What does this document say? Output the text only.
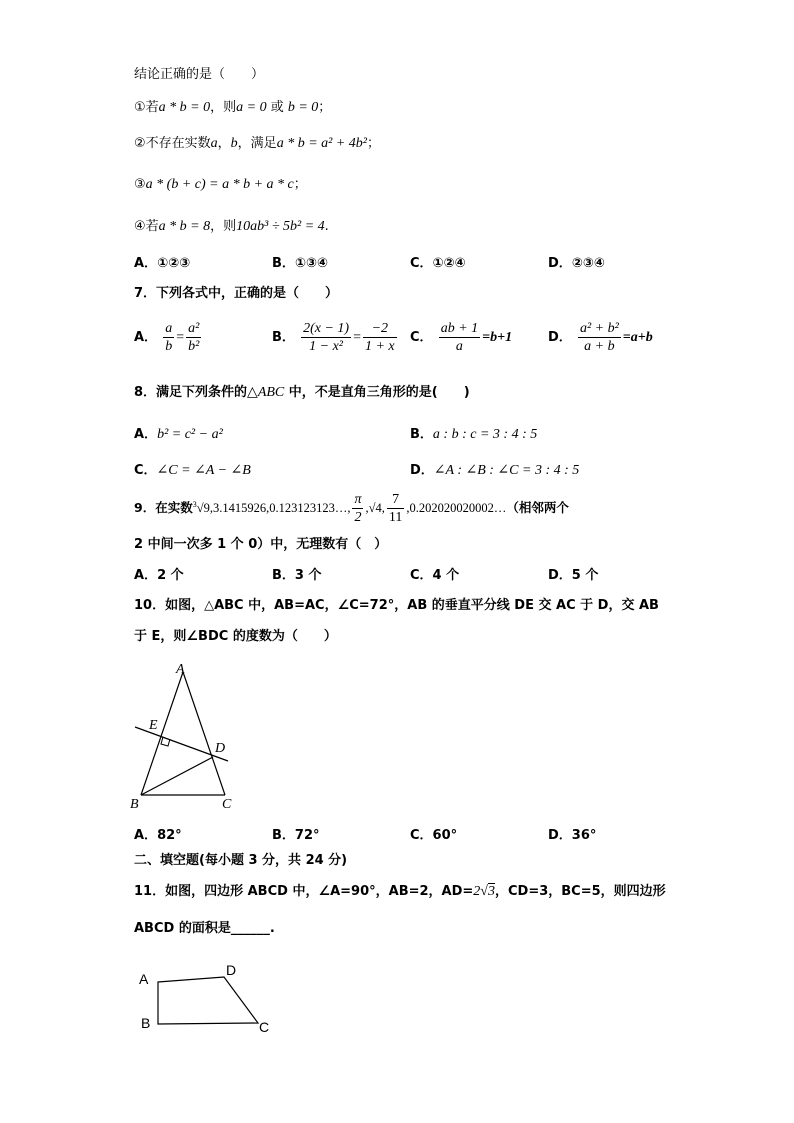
结论正确的是（　　）
①若a * b = 0，则a = 0 或 b = 0；
②不存在实数a，b，满足a * b = a² + 4b²；
③a * (b + c) = a * b + a * c；
④若a * b = 8，则10ab³ ÷ 5b² = 4.
A．①②③	B．①③④	C．①②④	D．②③④
7．下列各式中，正确的是（　　）
A． $\frac{a}{b} = \frac{\text{a²}}{\text{b²}}$	B． $\frac{2(x - 1)}{\text{1 − x²}} = \frac{-2}{1 + x}$ C． $\frac{ab + 1}{a} =b+1$	D． $\frac{\text{a² + b²}}{a + b} =a+b$
8．满足下列条件的△ABC 中，不是直角三角形的是(　　)
A．b² = c² − a²	B．a : b : c = 3 : 4 : 5
C．∠C = ∠A − ∠B	D．∠A : ∠B : ∠C = 3 : 4 : 5
9．在实数$^3$√9,3.1415926,0.123123123…, $\frac{\pi}{2} ,√4$, $\frac{7}{11}$ ,0.202020020002…（相邻两个
2 中间一次多 1 个 0）中，无理数有（　）
A．2 个	B．3 个	C．4 个	D．5 个
10．如图，△ABC 中，AB=AC，∠C=72°，AB 的垂直平分线 DE 交 AC 于 D，交 AB
于 E，则∠BDC 的度数为（　　）
A
B	C
D
E
A．82°	B．72°	C．60°	D．36°
二、填空题(每小题 3 分，共 24 分)
11．如图，四边形 ABCD 中，∠A=90°，AB=2，AD=2√3，CD=3，BC=5，则四边形
ABCD 的面积是______.
A
D
B	C
